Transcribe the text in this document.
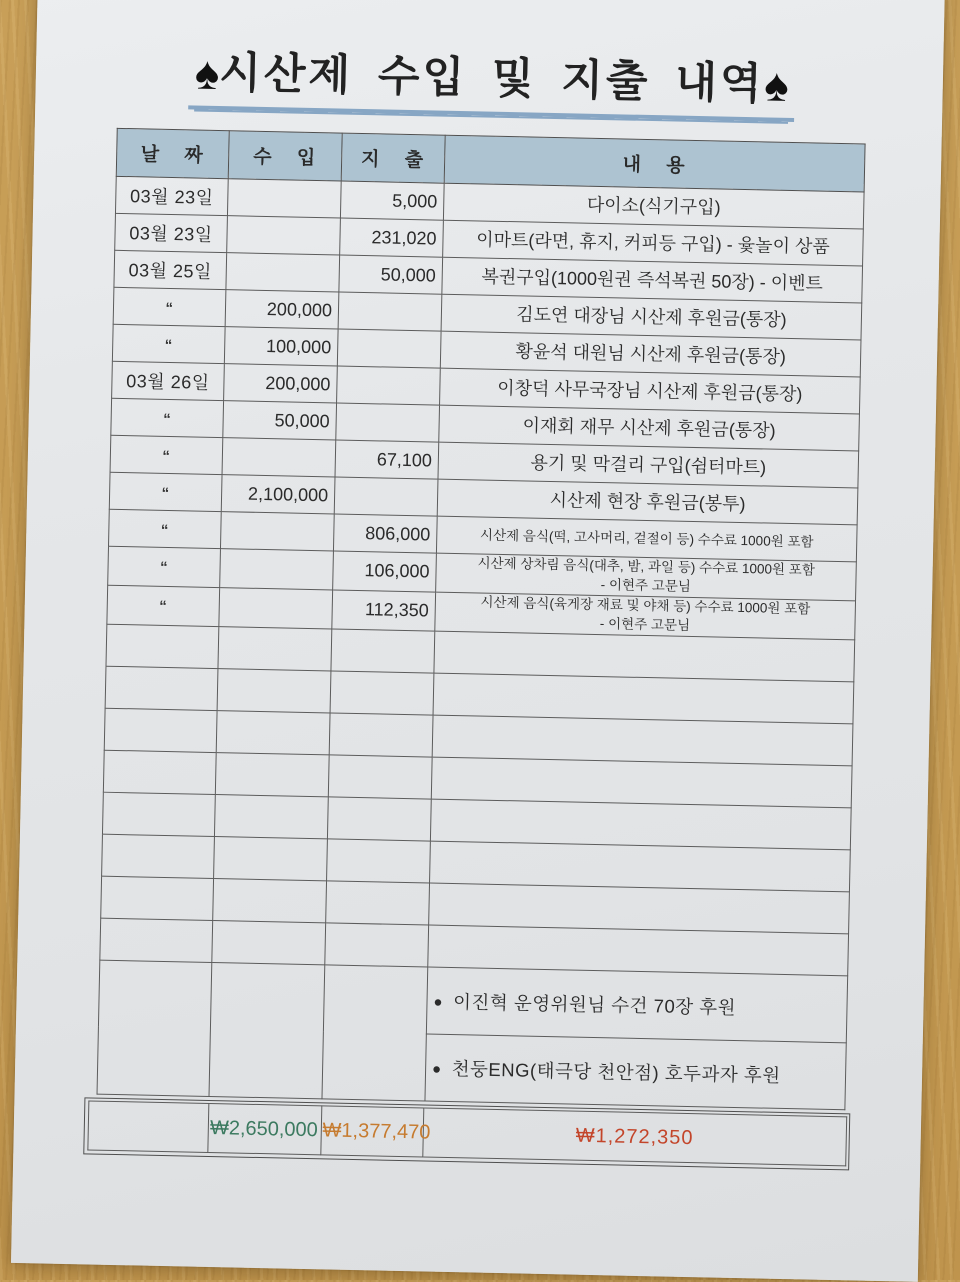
♠시산제 수입 및 지출 내역♠
날 짜	수 입	지 출	내 용
03월 23일		5,000	다이소(식기구입)
03월 23일		231,020	이마트(라면, 휴지, 커피등 구입) - 윷놀이 상품
03월 25일		50,000	복권구입(1000원권 즉석복권 50장) - 이벤트
“	200,000		김도연 대장님 시산제 후원금(통장)
“	100,000		황윤석 대원님 시산제 후원금(통장)
03월 26일	200,000		이창덕 사무국장님 시산제 후원금(통장)
“	50,000		이재회 재무 시산제 후원금(통장)
“		67,100	용기 및 막걸리 구입(쉼터마트)
“	2,100,000		시산제 현장 후원금(봉투)
“		806,000	시산제 음식(떡, 고사머리, 겉절이 등) 수수료 1000원 포함
“		106,000	시산제 상차림 음식(대추, 밤, 과일 등) 수수료 1000원 포함
- 이현주 고문님
“		112,350	시산제 음식(육게장 재료 및 야채 등) 수수료 1000원 포함
- 이현주 고문님

			● 이진혁 운영위원님 수건 70장 후원
			● 천둥ENG(태극당 천안점) 호두과자 후원
	₩2,650,000	₩1,377,470	₩1,272,350
